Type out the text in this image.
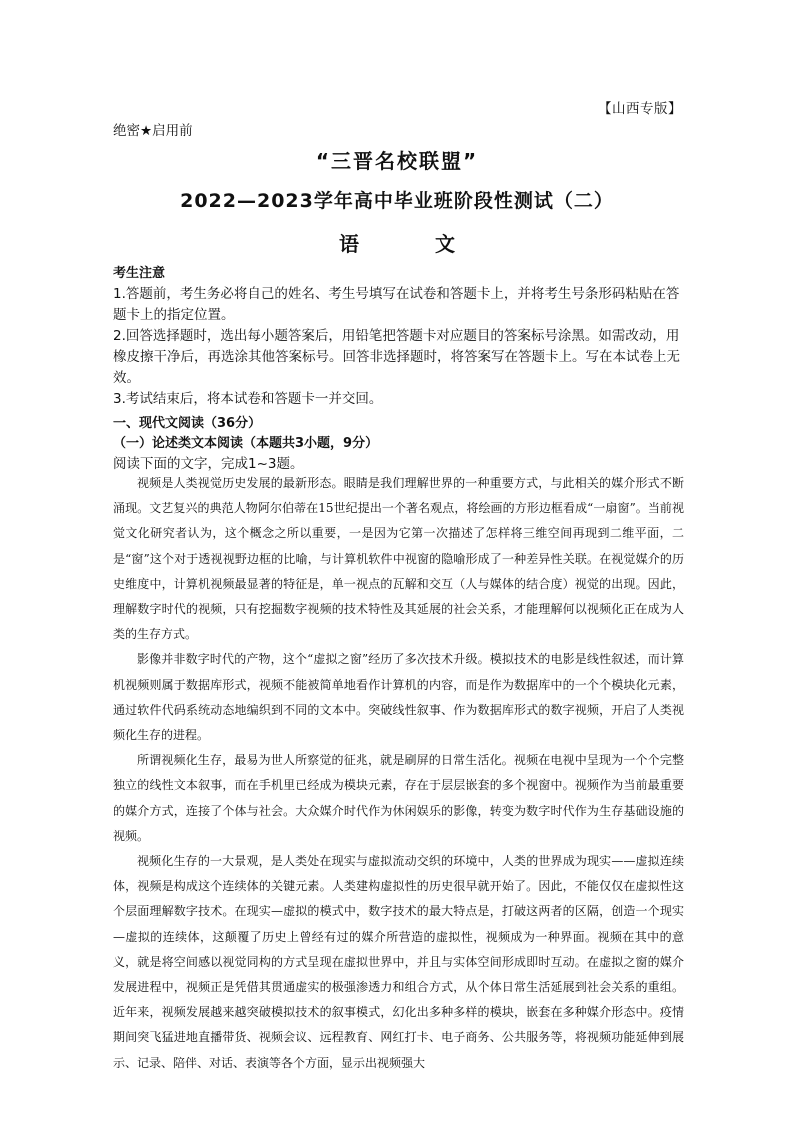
【山西专版】
绝密★启用前
“三晋名校联盟”
2022—2023学年高中毕业班阶段性测试（二）
语　文
考生注意

1.答题前，考生务必将自己的姓名、考生号填写在试卷和答题卡上，并将考生号条形码粘贴在答题卡上的指定位置。

2.回答选择题时，选出每小题答案后，用铅笔把答题卡对应题目的答案标号涂黑。如需改动，用橡皮擦干净后，再选涂其他答案标号。回答非选择题时，将答案写在答题卡上。写在本试卷上无效。

3.考试结束后，将本试卷和答题卡一并交回。

一、现代文阅读（36分）
（一）论述类文本阅读（本题共3小题，9分）
阅读下面的文字，完成1~3题。

视频是人类视觉历史发展的最新形态。眼睛是我们理解世界的一种重要方式，与此相关的媒介形式不断涌现。文艺复兴的典范人物阿尔伯蒂在15世纪提出一个著名观点，将绘画的方形边框看成“一扇窗”。当前视觉文化研究者认为，这个概念之所以重要，一是因为它第一次描述了怎样将三维空间再现到二维平面，二是“窗”这个对于透视视野边框的比喻，与计算机软件中视窗的隐喻形成了一种差异性关联。在视觉媒介的历史维度中，计算机视频最显著的特征是，单一视点的瓦解和交互（人与媒体的结合度）视觉的出现。因此，理解数字时代的视频，只有挖掘数字视频的技术特性及其延展的社会关系，才能理解何以视频化正在成为人类的生存方式。

影像并非数字时代的产物，这个“虚拟之窗”经历了多次技术升级。模拟技术的电影是线性叙述，而计算机视频则属于数据库形式，视频不能被简单地看作计算机的内容，而是作为数据库中的一个个模块化元素，通过软件代码系统动态地编织到不同的文本中。突破线性叙事、作为数据库形式的数字视频，开启了人类视频化生存的进程。

所谓视频化生存，最易为世人所察觉的征兆，就是刷屏的日常生活化。视频在电视中呈现为一个个完整独立的线性文本叙事，而在手机里已经成为模块元素，存在于层层嵌套的多个视窗中。视频作为当前最重要的媒介方式，连接了个体与社会。大众媒介时代作为休闲娱乐的影像，转变为数字时代作为生存基础设施的视频。

视频化生存的一大景观，是人类处在现实与虚拟流动交织的环境中，人类的世界成为现实——虚拟连续体，视频是构成这个连续体的关键元素。人类建构虚拟性的历史很早就开始了。因此，不能仅仅在虚拟性这个层面理解数字技术。在现实—虚拟的模式中，数字技术的最大特点是，打破这两者的区隔，创造一个现实—虚拟的连续体，这颠覆了历史上曾经有过的媒介所营造的虚拟性，视频成为一种界面。视频在其中的意义，就是将空间感以视觉同构的方式呈现在虚拟世界中，并且与实体空间形成即时互动。在虚拟之窗的媒介发展进程中，视频正是凭借其贯通虚实的极强渗透力和组合方式，从个体日常生活延展到社会关系的重组。近年来，视频发展越来越突破模拟技术的叙事模式，幻化出多种多样的模块，嵌套在多种媒介形态中。疫情期间突飞猛进地直播带货、视频会议、远程教育、网红打卡、电子商务、公共服务等，将视频功能延伸到展示、记录、陪伴、对话、表演等各个方面，显示出视频强大
